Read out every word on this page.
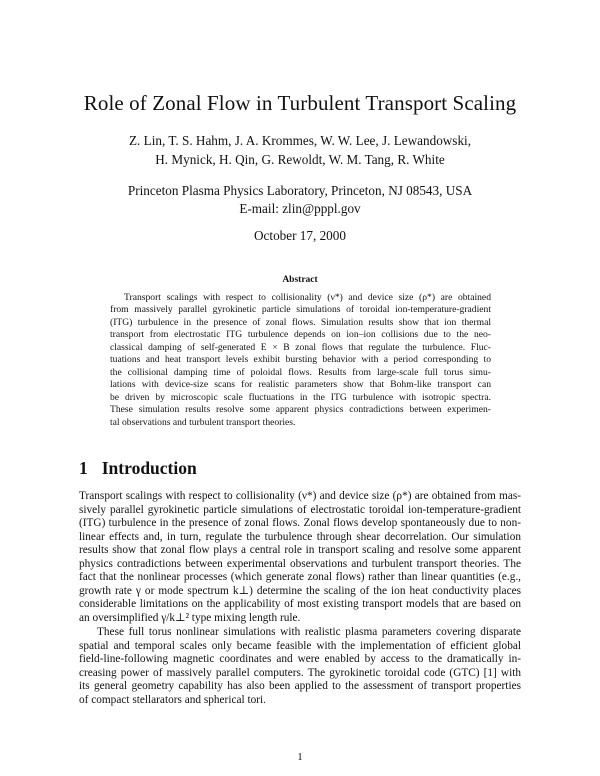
Role of Zonal Flow in Turbulent Transport Scaling
Z. Lin, T. S. Hahm, J. A. Krommes, W. W. Lee, J. Lewandowski,
H. Mynick, H. Qin, G. Rewoldt, W. M. Tang, R. White
Princeton Plasma Physics Laboratory, Princeton, NJ 08543, USA
E-mail: zlin@pppl.gov
October 17, 2000
Abstract
Transport scalings with respect to collisionality (ν*) and device size (ρ*) are obtained
from massively parallel gyrokinetic particle simulations of toroidal ion-temperature-gradient
(ITG) turbulence in the presence of zonal flows. Simulation results show that ion thermal
transport from electrostatic ITG turbulence depends on ion–ion collisions due to the neo-
classical damping of self-generated E × B zonal flows that regulate the turbulence. Fluc-
tuations and heat transport levels exhibit bursting behavior with a period corresponding to
the collisional damping time of poloidal flows. Results from large-scale full torus simu-
lations with device-size scans for realistic parameters show that Bohm-like transport can
be driven by microscopic scale fluctuations in the ITG turbulence with isotropic spectra.
These simulation results resolve some apparent physics contradictions between experimen-
tal observations and turbulent transport theories.
1 Introduction
Transport scalings with respect to collisionality (ν*) and device size (ρ*) are obtained from mas-
sively parallel gyrokinetic particle simulations of electrostatic toroidal ion-temperature-gradient
(ITG) turbulence in the presence of zonal flows. Zonal flows develop spontaneously due to non-
linear effects and, in turn, regulate the turbulence through shear decorrelation. Our simulation
results show that zonal flow plays a central role in transport scaling and resolve some apparent
physics contradictions between experimental observations and turbulent transport theories. The
fact that the nonlinear processes (which generate zonal flows) rather than linear quantities (e.g.,
growth rate γ or mode spectrum k⊥) determine the scaling of the ion heat conductivity places
considerable limitations on the applicability of most existing transport models that are based on
an oversimplified γ/k⊥² type mixing length rule.
These full torus nonlinear simulations with realistic plasma parameters covering disparate
spatial and temporal scales only became feasible with the implementation of efficient global
field-line-following magnetic coordinates and were enabled by access to the dramatically in-
creasing power of massively parallel computers. The gyrokinetic toroidal code (GTC) [1] with
its general geometry capability has also been applied to the assessment of transport properties
of compact stellarators and spherical tori.
1
